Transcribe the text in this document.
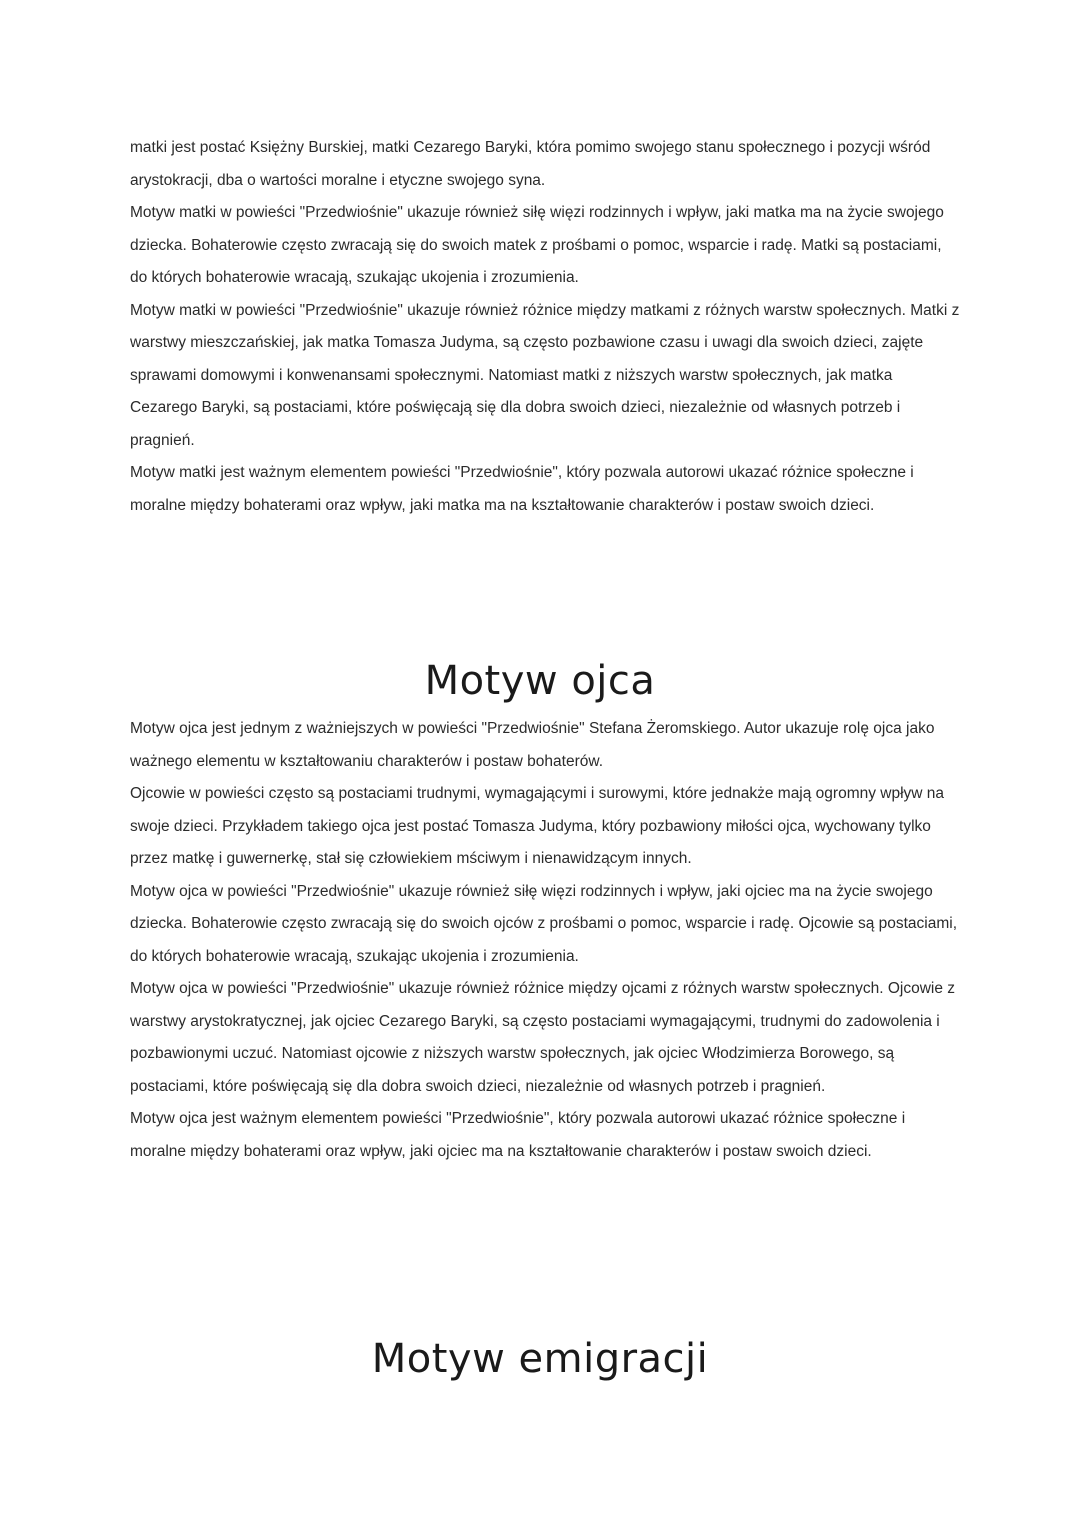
matki jest postać Księżny Burskiej, matki Cezarego Baryki, która pomimo swojego stanu społecznego i pozycji wśród arystokracji, dba o wartości moralne i etyczne swojego syna.

Motyw matki w powieści "Przedwiośnie" ukazuje również siłę więzi rodzinnych i wpływ, jaki matka ma na życie swojego dziecka. Bohaterowie często zwracają się do swoich matek z prośbami o pomoc, wsparcie i radę. Matki są postaciami, do których bohaterowie wracają, szukając ukojenia i zrozumienia.

Motyw matki w powieści "Przedwiośnie" ukazuje również różnice między matkami z różnych warstw społecznych. Matki z warstwy mieszczańskiej, jak matka Tomasza Judyma, są często pozbawione czasu i uwagi dla swoich dzieci, zajęte sprawami domowymi i konwenansami społecznymi. Natomiast matki z niższych warstw społecznych, jak matka Cezarego Baryki, są postaciami, które poświęcają się dla dobra swoich dzieci, niezależnie od własnych potrzeb i pragnień.

Motyw matki jest ważnym elementem powieści "Przedwiośnie", który pozwala autorowi ukazać różnice społeczne i moralne między bohaterami oraz wpływ, jaki matka ma na kształtowanie charakterów i postaw swoich dzieci.

Motyw ojca

Motyw ojca jest jednym z ważniejszych w powieści "Przedwiośnie" Stefana Żeromskiego. Autor ukazuje rolę ojca jako ważnego elementu w kształtowaniu charakterów i postaw bohaterów.

Ojcowie w powieści często są postaciami trudnymi, wymagającymi i surowymi, które jednakże mają ogromny wpływ na swoje dzieci. Przykładem takiego ojca jest postać Tomasza Judyma, który pozbawiony miłości ojca, wychowany tylko przez matkę i guwernerkę, stał się człowiekiem mściwym i nienawidzącym innych.

Motyw ojca w powieści "Przedwiośnie" ukazuje również siłę więzi rodzinnych i wpływ, jaki ojciec ma na życie swojego dziecka. Bohaterowie często zwracają się do swoich ojców z prośbami o pomoc, wsparcie i radę. Ojcowie są postaciami, do których bohaterowie wracają, szukając ukojenia i zrozumienia.

Motyw ojca w powieści "Przedwiośnie" ukazuje również różnice między ojcami z różnych warstw społecznych. Ojcowie z warstwy arystokratycznej, jak ojciec Cezarego Baryki, są często postaciami wymagającymi, trudnymi do zadowolenia i pozbawionymi uczuć. Natomiast ojcowie z niższych warstw społecznych, jak ojciec Włodzimierza Borowego, są postaciami, które poświęcają się dla dobra swoich dzieci, niezależnie od własnych potrzeb i pragnień.

Motyw ojca jest ważnym elementem powieści "Przedwiośnie", który pozwala autorowi ukazać różnice społeczne i moralne między bohaterami oraz wpływ, jaki ojciec ma na kształtowanie charakterów i postaw swoich dzieci.

Motyw emigracji
